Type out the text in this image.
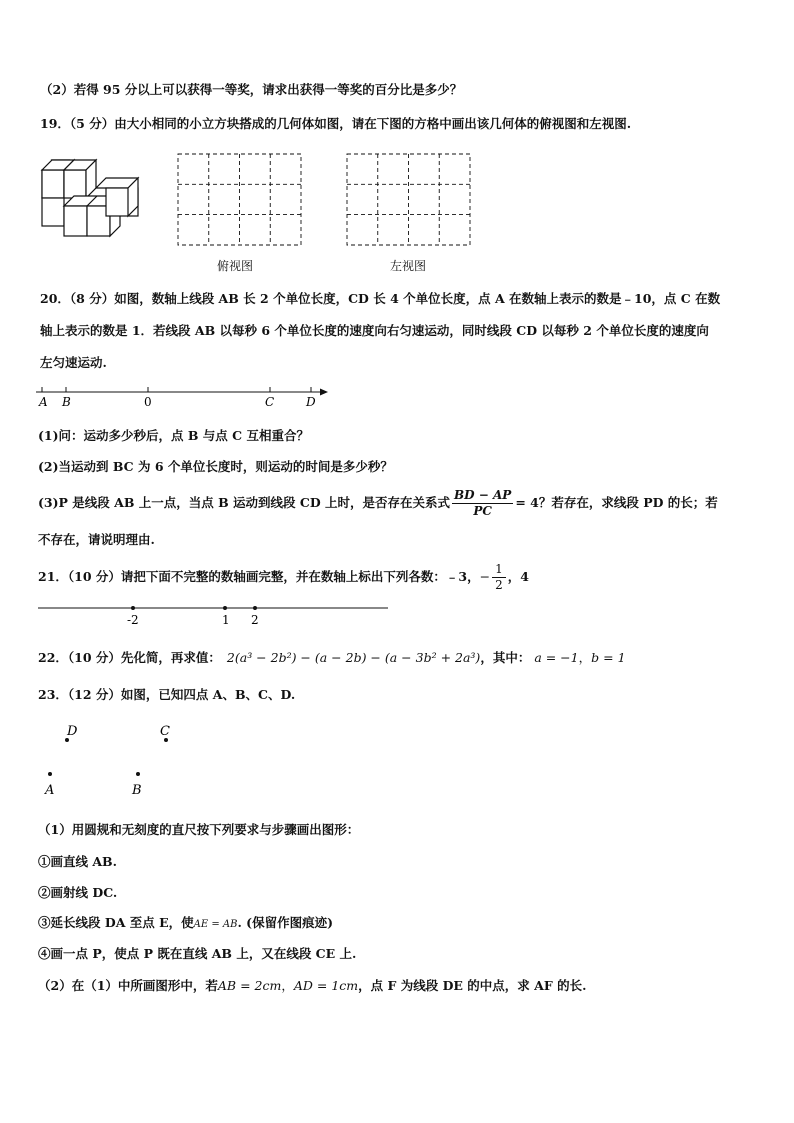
（2）若得 95 分以上可以获得一等奖，请求出获得一等奖的百分比是多少？
19．（5 分）由大小相同的小立方块搭成的几何体如图，请在下图的方格中画出该几何体的俯视图和左视图.
俯视图	左视图
20．（8 分）如图，数轴上线段 AB 长 2 个单位长度，CD 长 4 个单位长度，点 A 在数轴上表示的数是﹣10，点 C 在数
轴上表示的数是 1．若线段 AB 以每秒 6 个单位长度的速度向右匀速运动，同时线段 CD 以每秒 2 个单位长度的速度向
左匀速运动.
A B	0	C	D
(1)问：运动多少秒后，点 B 与点 C 互相重合？
(2)当运动到 BC 为 6 个单位长度时，则运动的时间是多少秒？
(3)P 是线段 AB 上一点，当点 B 运动到线段 CD 上时，是否存在关系式 $\frac{BD - AP}{PC} = 4$？若存在，求线段 PD 的长；若
不存在，请说明理由.
21．（10 分）请把下面不完整的数轴画完整，并在数轴上标出下列各数：﹣3，− $\frac{1}{2}$ ，4
-2	1 2
22．（10 分）先化简，再求值： 2(a³ − 2b²) − (a − 2b) − (a − 3b² + 2a³)，其中： a = −1，b = 1
23．（12 分）如图，已知四点 A、B、C、D.
D	C
A	B
（1）用圆规和无刻度的直尺按下列要求与步骤画出图形：
①画直线 AB.
②画射线 DC.
③延长线段 DA 至点 E，使AE = AB. (保留作图痕迹)
④画一点 P，使点 P 既在直线 AB 上，又在线段 CE 上.
（2）在（1）中所画图形中，若AB = 2cm，AD = 1cm，点 F 为线段 DE 的中点，求 AF 的长.
